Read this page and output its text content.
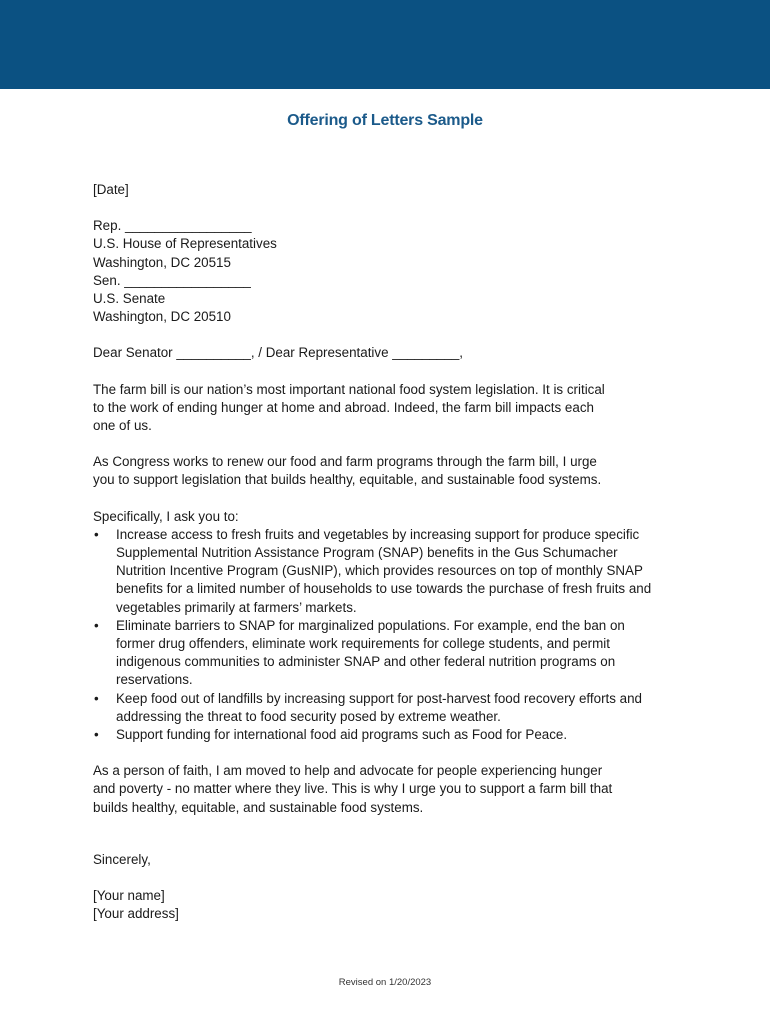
Offering of Letters Sample
[Date]
Rep. _________________
U.S. House of Representatives
Washington, DC 20515
Sen. _________________
U.S. Senate
Washington, DC 20510
Dear Senator __________, / Dear Representative _________,
The farm bill is our nation’s most important national food system legislation. It is critical
to the work of ending hunger at home and abroad. Indeed, the farm bill impacts each
one of us.
As Congress works to renew our food and farm programs through the farm bill, I urge
you to support legislation that builds healthy, equitable, and sustainable food systems.
Specifically, I ask you to:
• Increase access to fresh fruits and vegetables by increasing support for produce specific
Supplemental Nutrition Assistance Program (SNAP) benefits in the Gus Schumacher
Nutrition Incentive Program (GusNIP), which provides resources on top of monthly SNAP
benefits for a limited number of households to use towards the purchase of fresh fruits and
vegetables primarily at farmers’ markets.
• Eliminate barriers to SNAP for marginalized populations. For example, end the ban on
former drug offenders, eliminate work requirements for college students, and permit
indigenous communities to administer SNAP and other federal nutrition programs on
reservations.
• Keep food out of landfills by increasing support for post-harvest food recovery efforts and
addressing the threat to food security posed by extreme weather.
• Support funding for international food aid programs such as Food for Peace.
As a person of faith, I am moved to help and advocate for people experiencing hunger
and poverty - no matter where they live. This is why I urge you to support a farm bill that
builds healthy, equitable, and sustainable food systems.
Sincerely,
[Your name]
[Your address]
Revised on 1/20/2023
